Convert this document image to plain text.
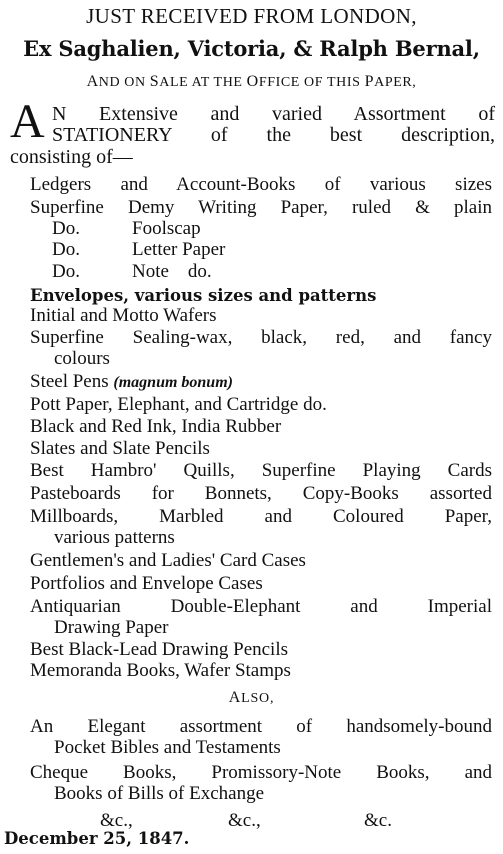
JUST RECEIVED FROM LONDON,
Ex Saghalien, Victoria, & Ralph Bernal,
AND ON SALE AT THE OFFICE OF THIS PAPER,
A N Extensive and varied Assortment of
STATIONERY of the best description,
consisting of—
Ledgers and Account-Books of various sizes
Superfine Demy Writing Paper, ruled & plain
Do.	Foolscap
Do.	Letter Paper
Do.	Note    do.
Envelopes, various sizes and patterns
Initial and Motto Wafers
Superfine Sealing-wax, black, red, and fancy
colours
Steel Pens (magnum bonum)
Pott Paper, Elephant, and Cartridge do.
Black and Red Ink, India Rubber
Slates and Slate Pencils
Best Hambro' Quills, Superfine Playing Cards
Pasteboards for Bonnets, Copy-Books assorted
Millboards, Marbled and Coloured Paper,
various patterns
Gentlemen's and Ladies' Card Cases
Portfolios and Envelope Cases
Antiquarian Double-Elephant and Imperial
Drawing Paper
Best Black-Lead Drawing Pencils
Memoranda Books, Wafer Stamps
ALSO,
An Elegant assortment of handsomely-bound
Pocket Bibles and Testaments
Cheque Books, Promissory-Note Books, and
Books of Bills of Exchange
&c.,	&c.,	&c.
December 25, 1847.
